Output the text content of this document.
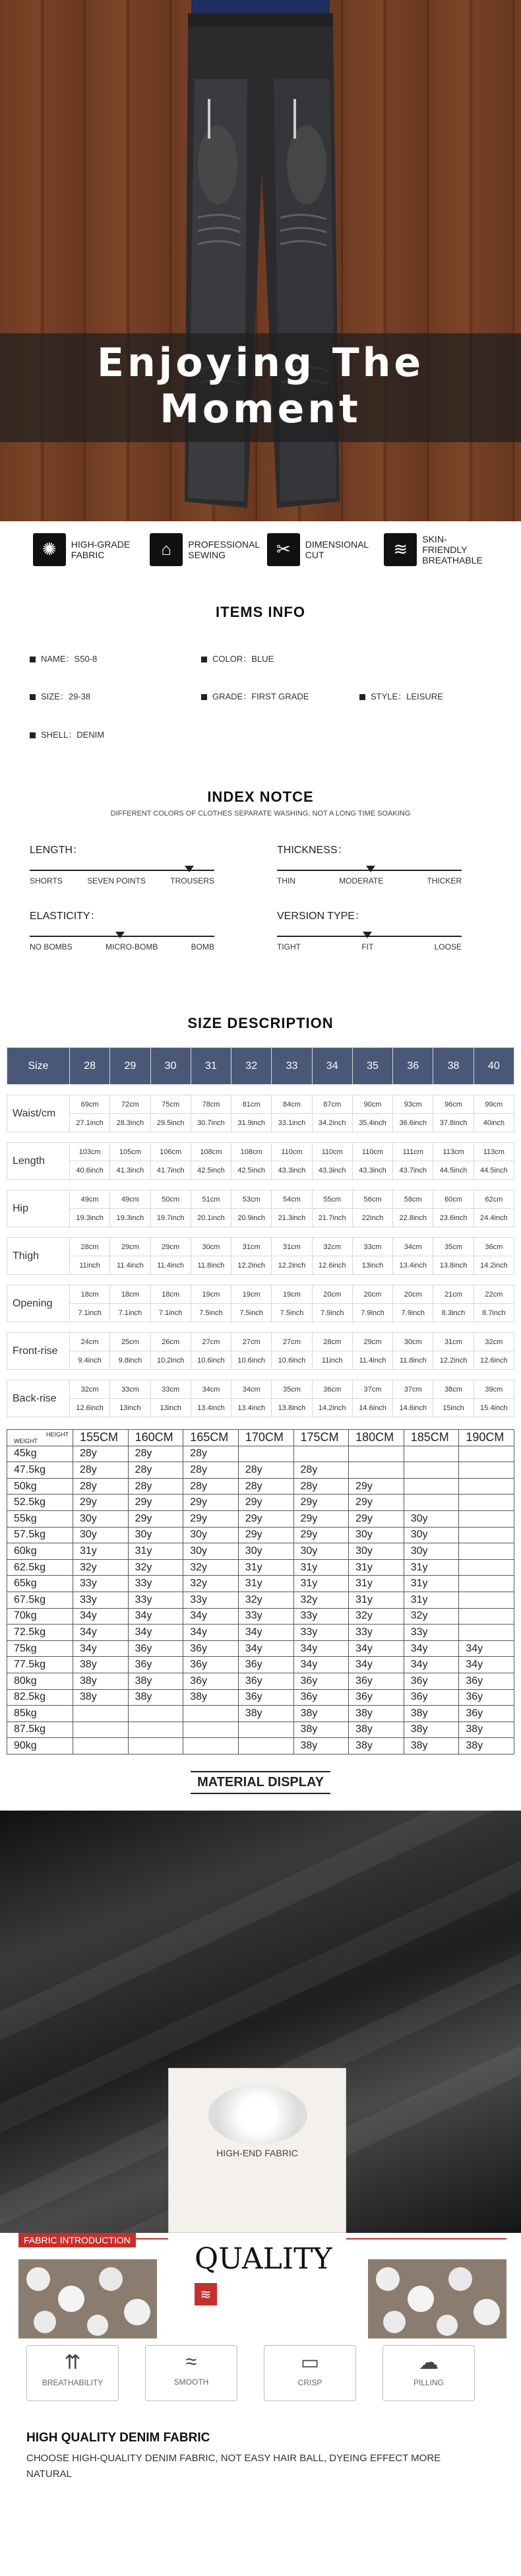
Enjoying The
Moment
✺	HIGH-GRADE FABRIC	⌂	PROFESSIONAL SEWING	✂	DIMENSIONAL CUT	≋
SKIN-FRIENDLY BREATHABLE
ITEMS INFO
NAME：S50-8	COLOR：BLUE
SIZE：29-38	GRADE：FIRST GRADE	STYLE：LEISURE
SHELL：DENIM
INDEX NOTCE
DIFFERENT COLORS OF CLOTHES SEPARATE WASHING, NOT A LONG TIME SOAKING
LENGTH：
SHORTS	SEVEN POINTS	TROUSERS
THICKNESS：
THIN	MODERATE	THICKER
ELASTICITY：
NO BOMBS	MICRO-BOMB	BOMB
VERSION TYPE：
TIGHT	FIT	LOOSE
SIZE DESCRIPTION
Size	28	29	30	31	32	33	34	35	36	38	40

Waist/cm	69cm	72cm	75cm	78cm	81cm	84cm	87cm	90cm	93cm	96cm	99cm
	27.1inch	28.3inch	29.5inch	30.7inch	31.9inch	33.1inch	34.2inch	35.4inch	36.6inch	37.8inch	40inch

Length	103cm	105cm	106cm	108cm	108cm	110cm	110cm	110cm	111cm	113cm	113cm
	40.6inch	41.3inch	41.7inch	42.5inch	42.5inch	43.3inch	43.3inch	43.3inch	43.7inch	44.5inch	44.5inch

Hip	49cm	49cm	50cm	51cm	53cm	54cm	55cm	56cm	58cm	60cm	62cm
	19.3inch	19.3inch	19.7inch	20.1inch	20.9inch	21.3inch	21.7inch	22inch	22.8inch	23.6inch	24.4inch

Thigh	28cm	29cm	29cm	30cm	31cm	31cm	32cm	33cm	34cm	35cm	36cm
	11inch	11.4inch	11.4inch	11.8inch	12.2inch	12.2inch	12.6inch	13inch	13.4inch	13.8inch	14.2inch

Opening	18cm	18cm	18cm	19cm	19cm	19cm	20cm	20cm	20cm	21cm	22cm
	7.1inch	7.1inch	7.1inch	7.5inch	7.5inch	7.5inch	7.9inch	7.9inch	7.9inch	8.3inch	8.7inch

Front-rise	24cm	25cm	26cm	27cm	27cm	27cm	28cm	29cm	30cm	31cm	32cm
	9.4inch	9.8inch	10.2inch	10.6inch	10.6inch	10.6inch	11inch	11.4inch	11.8inch	12.2inch	12.6inch

Back-rise	32cm	33cm	33cm	34cm	34cm	35cm	36cm	37cm	37cm	38cm	39cm
	12.6inch	13inch	13inch	13.4inch	13.4inch	13.8inch	14.2inch	14.6inch	14.6inch	15inch	15.4inch
HEIGHT
WEIGHT	155CM	160CM	165CM	170CM	175CM	180CM	185CM	190CM
45kg	28y	28y	28y					
47.5kg	28y	28y	28y	28y	28y			
50kg	28y	28y	28y	28y	28y	29y		
52.5kg	29y	29y	29y	29y	29y	29y		
55kg	30y	29y	29y	29y	29y	29y	30y	
57.5kg	30y	30y	30y	29y	29y	30y	30y	
60kg	31y	31y	30y	30y	30y	30y	30y	
62.5kg	32y	32y	32y	31y	31y	31y	31y	
65kg	33y	33y	32y	31y	31y	31y	31y	
67.5kg	33y	33y	33y	32y	32y	31y	31y	
70kg	34y	34y	34y	33y	33y	32y	32y	
72.5kg	34y	34y	34y	34y	33y	33y	33y	
75kg	34y	36y	36y	34y	34y	34y	34y	34y
77.5kg	38y	36y	36y	36y	34y	34y	34y	34y
80kg	38y	38y	36y	36y	36y	36y	36y	36y
82.5kg	38y	38y	38y	36y	36y	36y	36y	36y
85kg				38y	38y	38y	38y	36y
87.5kg					38y	38y	38y	38y
90kg					38y	38y	38y	38y
MATERIAL DISPLAY
HIGH-END FABRIC
FABRIC INTRODUCTION
QUALITY ≋
⇈
BREATHABILITY
≈
SMOOTH
▭
CRISP
☁
PILLING
HIGH QUALITY DENIM FABRIC
CHOOSE HIGH-QUALITY DENIM FABRIC, NOT EASY HAIR BALL, DYEING EFFECT MORE NATURAL
